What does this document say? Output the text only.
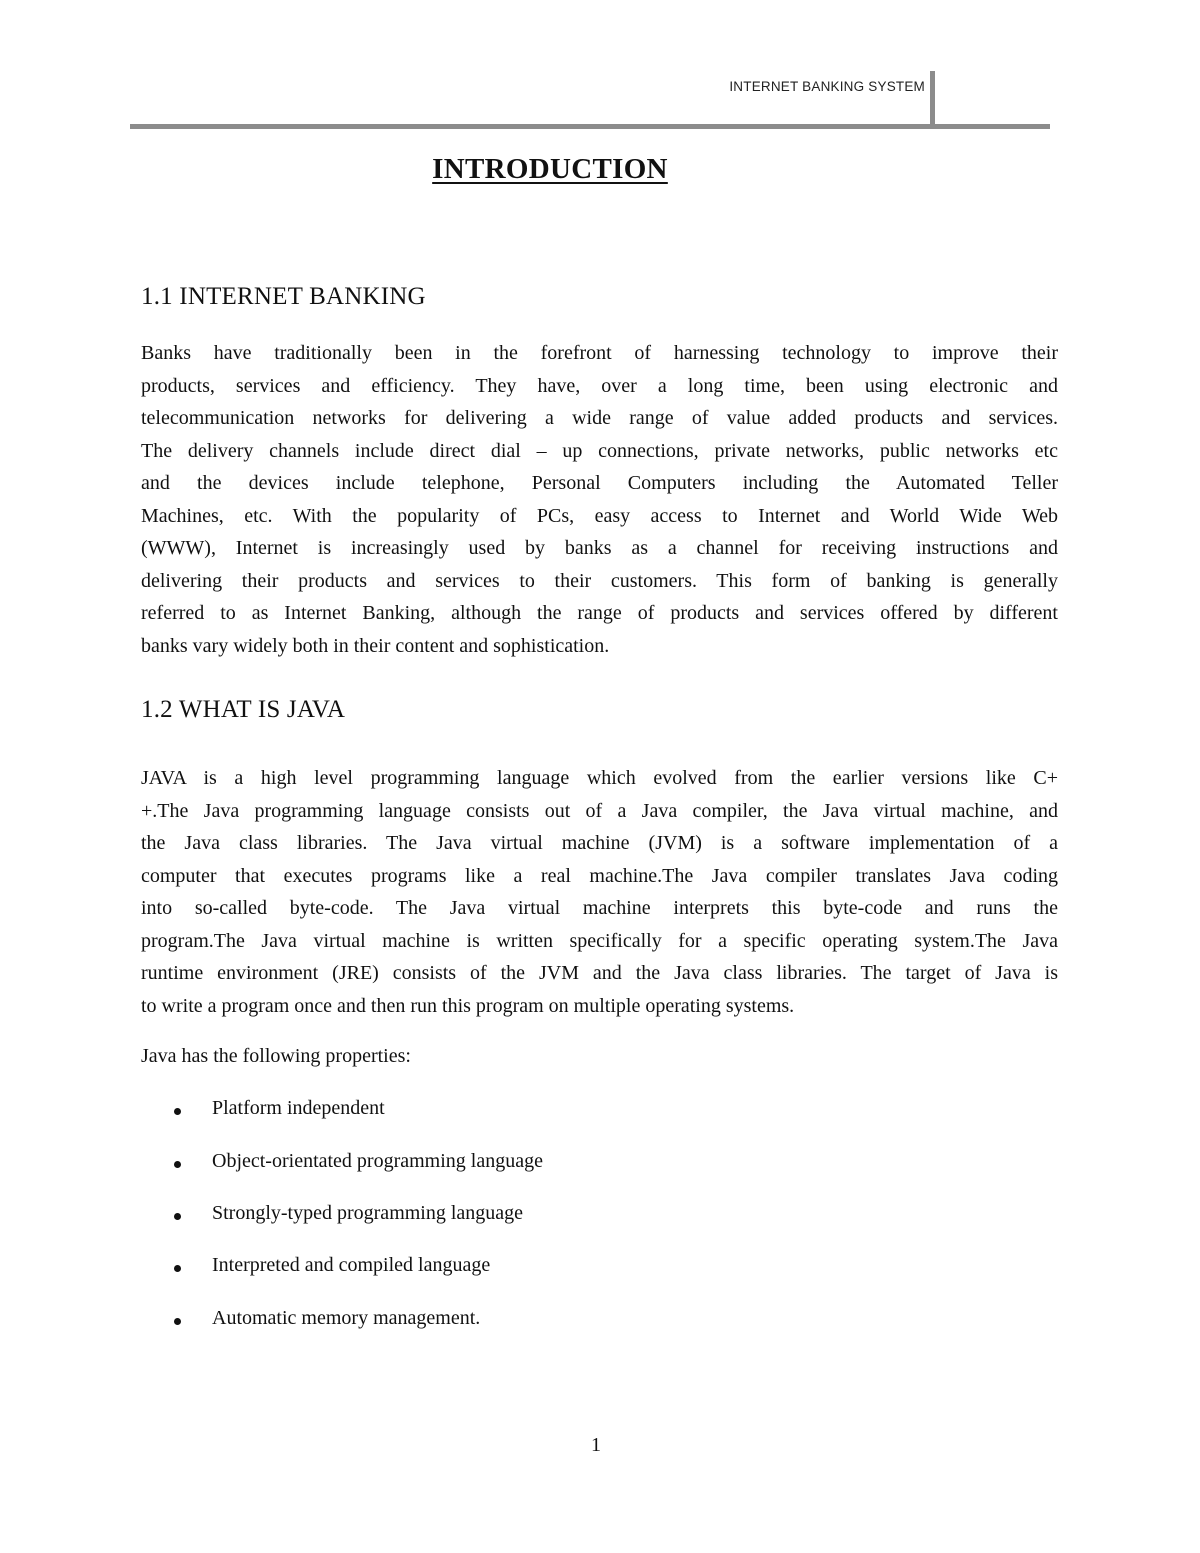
INTERNET BANKING SYSTEM
INTRODUCTION
1.1 INTERNET BANKING
Banks have traditionally been in the forefront of harnessing technology to improve their
products, services and efficiency. They have, over a long time, been using electronic and
telecommunication networks for delivering a wide range of value added products and services.
The delivery channels include direct dial – up connections, private networks, public networks etc
and the devices include telephone, Personal Computers including the Automated Teller
Machines, etc. With the popularity of PCs, easy access to Internet and World Wide Web
(WWW), Internet is increasingly used by banks as a channel for receiving instructions and
delivering their products and services to their customers. This form of banking is generally
referred to as Internet Banking, although the range of products and services offered by different
banks vary widely both in their content and sophistication.
1.2 WHAT IS JAVA
JAVA is a high level programming language which evolved from the earlier versions like C+
+.The Java programming language consists out of a Java compiler, the Java virtual machine, and
the Java class libraries. The Java virtual machine (JVM) is a software implementation of a
computer that executes programs like a real machine.The Java compiler translates Java coding
into so-called byte-code. The Java virtual machine interprets this byte-code and runs the
program.The Java virtual machine is written specifically for a specific operating system.The Java
runtime environment (JRE) consists of the JVM and the Java class libraries. The target of Java is
to write a program once and then run this program on multiple operating systems.
Java has the following properties:
Platform independent
Object-orientated programming language
Strongly-typed programming language
Interpreted and compiled language
Automatic memory management.
1
